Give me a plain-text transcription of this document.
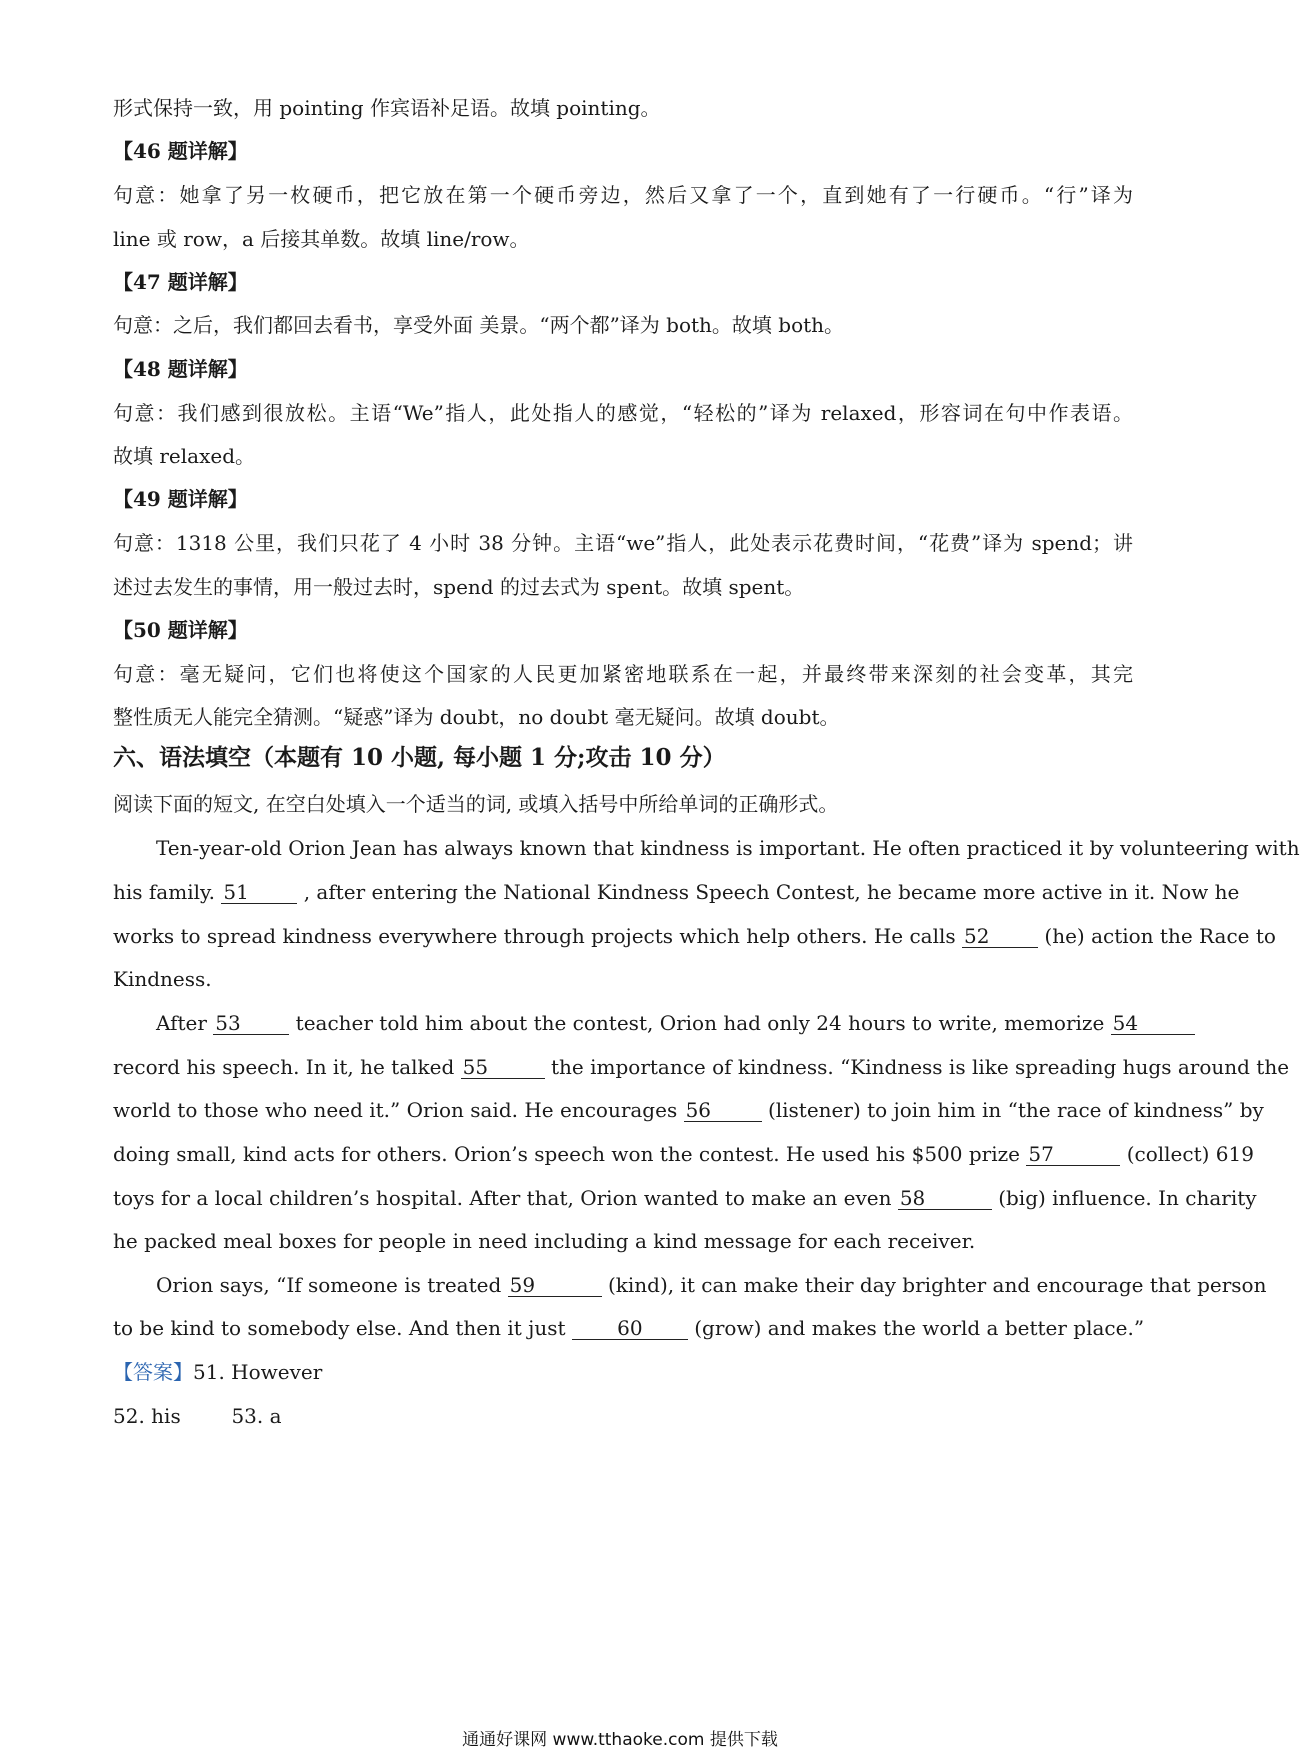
形式保持一致，用 pointing 作宾语补足语。故填 pointing。
【46 题详解】
句意：她拿了另一枚硬币，把它放在第一个硬币旁边，然后又拿了一个，直到她有了一行硬币。“行”译为
line 或 row，a 后接其单数。故填 line/row。
【47 题详解】
句意：之后，我们都回去看书，享受外面 美景。“两个都”译为 both。故填 both。
【48 题详解】
句意：我们感到很放松。主语“We”指人，此处指人的感觉，“轻松的”译为 relaxed，形容词在句中作表语。
故填 relaxed。
【49 题详解】
句意：1318 公里，我们只花了 4 小时 38 分钟。主语“we”指人，此处表示花费时间，“花费”译为 spend；讲
述过去发生的事情，用一般过去时，spend 的过去式为 spent。故填 spent。
【50 题详解】
句意：毫无疑问，它们也将使这个国家的人民更加紧密地联系在一起，并最终带来深刻的社会变革，其完
整性质无人能完全猜测。“疑惑”译为 doubt，no doubt 毫无疑问。故填 doubt。
六、语法填空（本题有 10 小题, 每小题 1 分;攻击 10 分）
阅读下面的短文, 在空白处填入一个适当的词, 或填入括号中所给单词的正确形式。
Ten-year-old Orion Jean has always known that kindness is important. He often practiced it by volunteering with
his family. 51	, after entering the National Kindness Speech Contest, he became more active in it. Now he
works to spread kindness everywhere through projects which help others. He calls 52	(he) action the Race to
Kindness.
After 53	teacher told him about the contest, Orion had only 24 hours to write, memorize 54
record his speech. In it, he talked 55	the importance of kindness. “Kindness is like spreading hugs around the
world to those who need it.” Orion said. He encourages 56	(listener) to join him in “the race of kindness” by
doing small, kind acts for others. Orion’s speech won the contest. He used his $500 prize 57	(collect) 619
toys for a local children’s hospital. After that, Orion wanted to make an even 58	(big) influence. In charity
he packed meal boxes for people in need including a kind message for each receiver.
Orion says, “If someone is treated 59	(kind), it can make their day brighter and encourage that person
to be kind to somebody else. And then it just	60	(grow) and makes the world a better place.”
【答案】51. However
52. his	53. a
通通好课网 www.tthaoke.com 提供下载
